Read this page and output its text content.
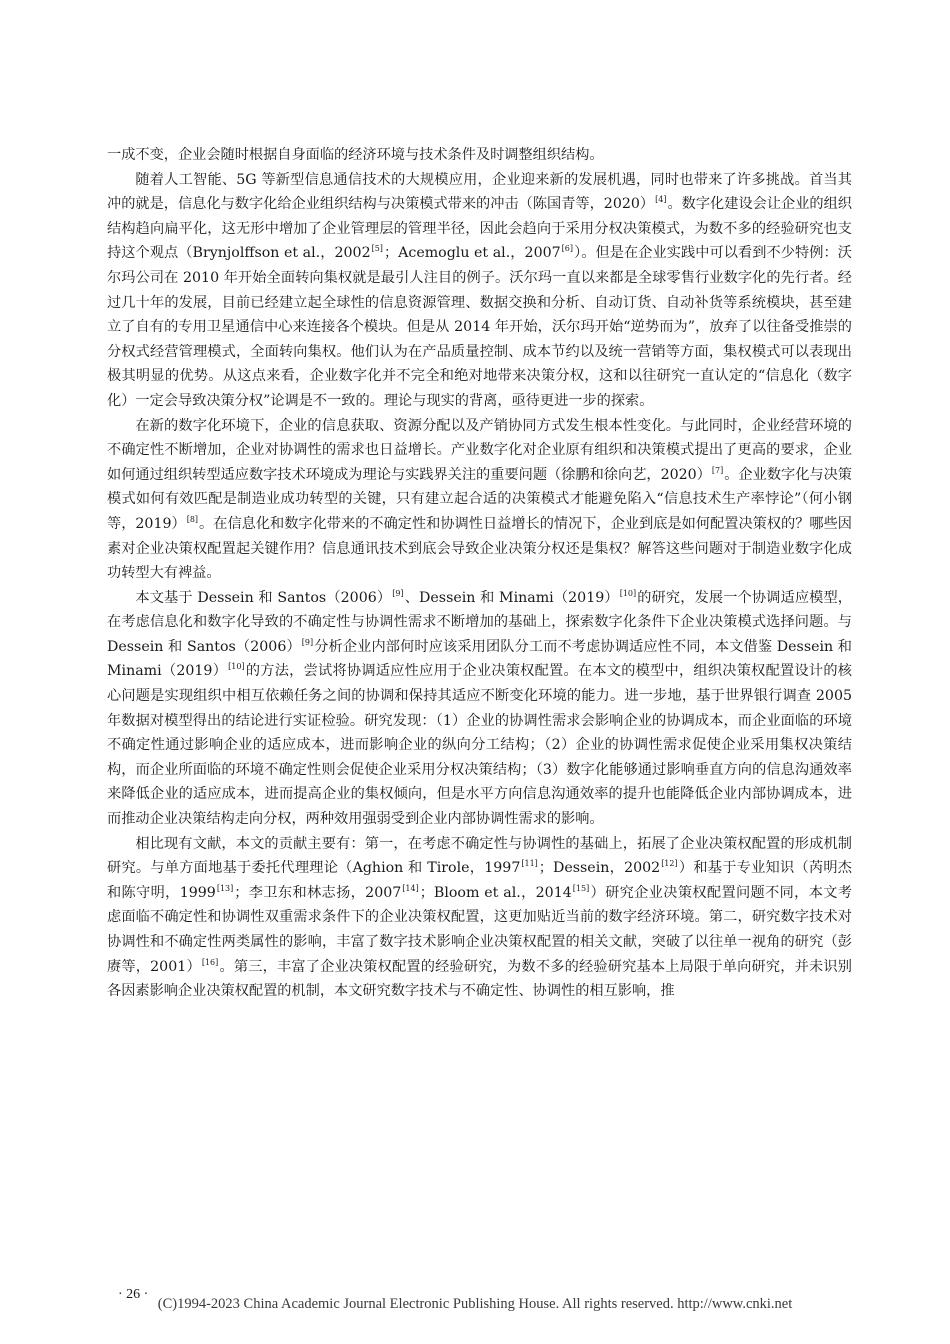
一成不变，企业会随时根据自身面临的经济环境与技术条件及时调整组织结构。

随着人工智能、5G 等新型信息通信技术的大规模应用，企业迎来新的发展机遇，同时也带来了许多挑战。首当其冲的就是，信息化与数字化给企业组织结构与决策模式带来的冲击（陈国青等，2020）[4]。数字化建设会让企业的组织结构趋向扁平化，这无形中增加了企业管理层的管理半径，因此会趋向于采用分权决策模式，为数不多的经验研究也支持这个观点（Brynjolffson et al.，2002[5]；Acemoglu et al.，2007[6]）。但是在企业实践中可以看到不少特例：沃尔玛公司在 2010 年开始全面转向集权就是最引人注目的例子。沃尔玛一直以来都是全球零售行业数字化的先行者。经过几十年的发展，目前已经建立起全球性的信息资源管理、数据交换和分析、自动订货、自动补货等系统模块，甚至建立了自有的专用卫星通信中心来连接各个模块。但是从 2014 年开始，沃尔玛开始“逆势而为”，放弃了以往备受推崇的分权式经营管理模式，全面转向集权。他们认为在产品质量控制、成本节约以及统一营销等方面，集权模式可以表现出极其明显的优势。从这点来看，企业数字化并不完全和绝对地带来决策分权，这和以往研究一直认定的“信息化（数字化）一定会导致决策分权”论调是不一致的。理论与现实的背离，亟待更进一步的探索。

在新的数字化环境下，企业的信息获取、资源分配以及产销协同方式发生根本性变化。与此同时，企业经营环境的不确定性不断增加，企业对协调性的需求也日益增长。产业数字化对企业原有组织和决策模式提出了更高的要求，企业如何通过组织转型适应数字技术环境成为理论与实践界关注的重要问题（徐鹏和徐向艺，2020）[7]。企业数字化与决策模式如何有效匹配是制造业成功转型的关键，只有建立起合适的决策模式才能避免陷入“信息技术生产率悖论”（何小钢等，2019）[8]。在信息化和数字化带来的不确定性和协调性日益增长的情况下，企业到底是如何配置决策权的？哪些因素对企业决策权配置起关键作用？信息通讯技术到底会导致企业决策分权还是集权？解答这些问题对于制造业数字化成功转型大有裨益。

本文基于 Dessein 和 Santos（2006）[9]、Dessein 和 Minami（2019）[10]的研究，发展一个协调适应模型，在考虑信息化和数字化导致的不确定性与协调性需求不断增加的基础上，探索数字化条件下企业决策模式选择问题。与 Dessein 和 Santos（2006）[9]分析企业内部何时应该采用团队分工而不考虑协调适应性不同，本文借鉴 Dessein 和 Minami（2019）[10]的方法，尝试将协调适应性应用于企业决策权配置。在本文的模型中，组织决策权配置设计的核心问题是实现组织中相互依赖任务之间的协调和保持其适应不断变化环境的能力。进一步地，基于世界银行调查 2005 年数据对模型得出的结论进行实证检验。研究发现：（1）企业的协调性需求会影响企业的协调成本，而企业面临的环境不确定性通过影响企业的适应成本，进而影响企业的纵向分工结构；（2）企业的协调性需求促使企业采用集权决策结构，而企业所面临的环境不确定性则会促使企业采用分权决策结构；（3）数字化能够通过影响垂直方向的信息沟通效率来降低企业的适应成本，进而提高企业的集权倾向，但是水平方向信息沟通效率的提升也能降低企业内部协调成本，进而推动企业决策结构走向分权，两种效用强弱受到企业内部协调性需求的影响。

相比现有文献，本文的贡献主要有：第一，在考虑不确定性与协调性的基础上，拓展了企业决策权配置的形成机制研究。与单方面地基于委托代理理论（Aghion 和 Tirole，1997[11]；Dessein，2002[12]）和基于专业知识（芮明杰和陈守明，1999[13]；李卫东和林志扬，2007[14]；Bloom et al.，2014[15]）研究企业决策权配置问题不同，本文考虑面临不确定性和协调性双重需求条件下的企业决策权配置，这更加贴近当前的数字经济环境。第二，研究数字技术对协调性和不确定性两类属性的影响，丰富了数字技术影响企业决策权配置的相关文献，突破了以往单一视角的研究（彭赓等，2001）[16]。第三，丰富了企业决策权配置的经验研究，为数不多的经验研究基本上局限于单向研究，并未识别各因素影响企业决策权配置的机制，本文研究数字技术与不确定性、协调性的相互影响，推

· 26 ·
(C)1994-2023 China Academic Journal Electronic Publishing House. All rights reserved. http://www.cnki.net
